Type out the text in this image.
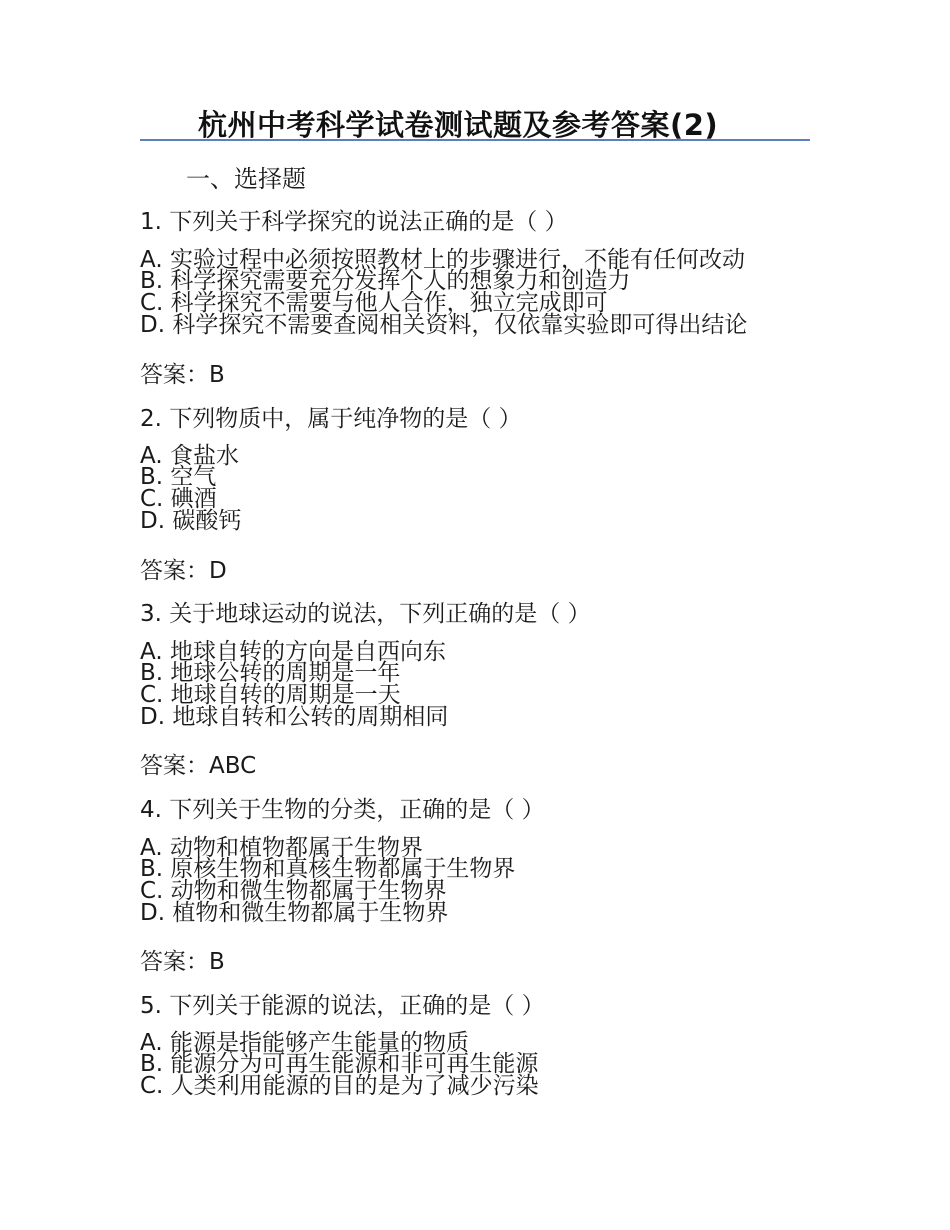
杭州中考科学试卷测试题及参考答案(2)
一、选择题
1. 下列关于科学探究的说法正确的是（ ）
A. 实验过程中必须按照教材上的步骤进行，不能有任何改动
B. 科学探究需要充分发挥个人的想象力和创造力
C. 科学探究不需要与他人合作，独立完成即可
D. 科学探究不需要查阅相关资料，仅依靠实验即可得出结论
答案：B
2. 下列物质中，属于纯净物的是（ ）
A. 食盐水
B. 空气
C. 碘酒
D. 碳酸钙
答案：D
3. 关于地球运动的说法，下列正确的是（ ）
A. 地球自转的方向是自西向东
B. 地球公转的周期是一年
C. 地球自转的周期是一天
D. 地球自转和公转的周期相同
答案：ABC
4. 下列关于生物的分类，正确的是（ ）
A. 动物和植物都属于生物界
B. 原核生物和真核生物都属于生物界
C. 动物和微生物都属于生物界
D. 植物和微生物都属于生物界
答案：B
5. 下列关于能源的说法，正确的是（ ）
A. 能源是指能够产生能量的物质
B. 能源分为可再生能源和非可再生能源
C. 人类利用能源的目的是为了减少污染
